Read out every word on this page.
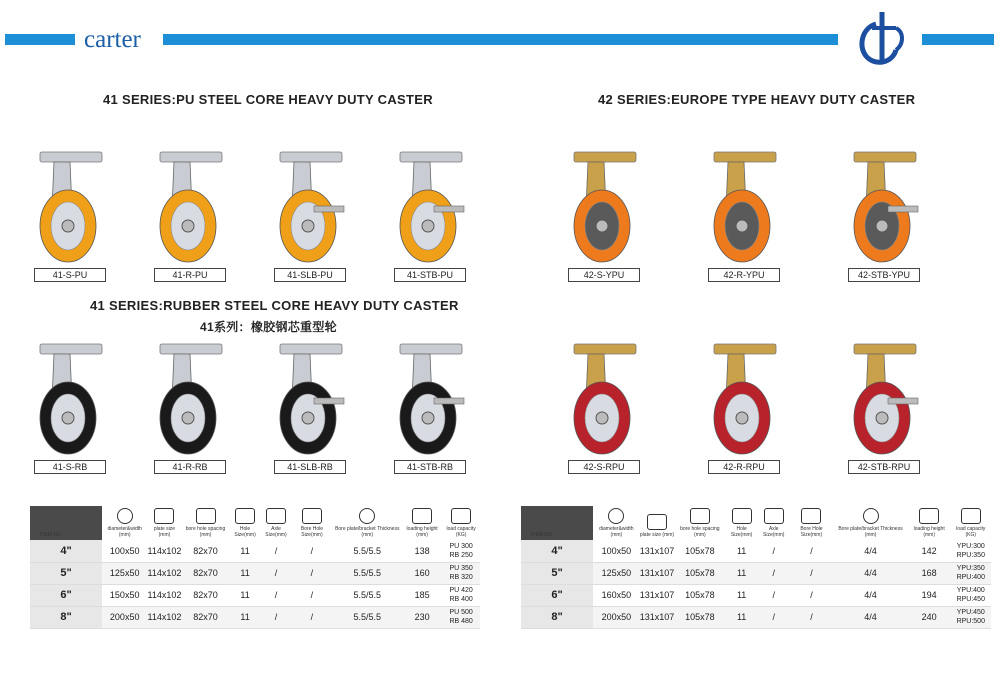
carter
41 SERIES:PU STEEL CORE HEAVY DUTY CASTER	42 SERIES:EUROPE TYPE HEAVY DUTY CASTER
41 SERIES:RUBBER STEEL CORE HEAVY DUTY CASTER
41系列：橡胶钢芯重型轮
41-S-PU	41-R-PU	41-SLB-PU	41-STB-PU
41-S-RB	41-R-RB	41-SLB-RB	41-STB-RB
42-S-YPU	42-R-YPU	42-STB-YPU
42-S-RPU	42-R-RPU	42-STB-RPU
ITEM NO	diameter&width (mm)	plate size (mm)	bore hole spacing (mm)	Hole Size(mm)	Axle Size(mm)	Bore Hole Size(mm)	Bore plate/bracket Thickness (mm)	loading height (mm)	load capacity (KG)

4"	100x50	114x102	82x70	11	/	/	5.5/5.5	138	PU 300
RB 250
5"	125x50	114x102	82x70	11	/	/	5.5/5.5	160	PU 350
RB 320
6"	150x50	114x102	82x70	11	/	/	5.5/5.5	185	PU 420
RB 400
8"	200x50	114x102	82x70	11	/	/	5.5/5.5	230	PU 500
RB 480
ITEM NO	diameter&width (mm)	plate size (mm)	bore hole spacing (mm)	Hole Size(mm)	Axle Size(mm)	Bore Hole Size(mm)	Bore plate/bracket Thickness (mm)	loading height (mm)	load capacity (KG)

4"	100x50	131x107	105x78	11	/	/	4/4	142	YPU:300
RPU:350
5"	125x50	131x107	105x78	11	/	/	4/4	168	YPU:350
RPU:400
6"	160x50	131x107	105x78	11	/	/	4/4	194	YPU:400
RPU:450
8"	200x50	131x107	105x78	11	/	/	4/4	240	YPU:450
RPU:500
